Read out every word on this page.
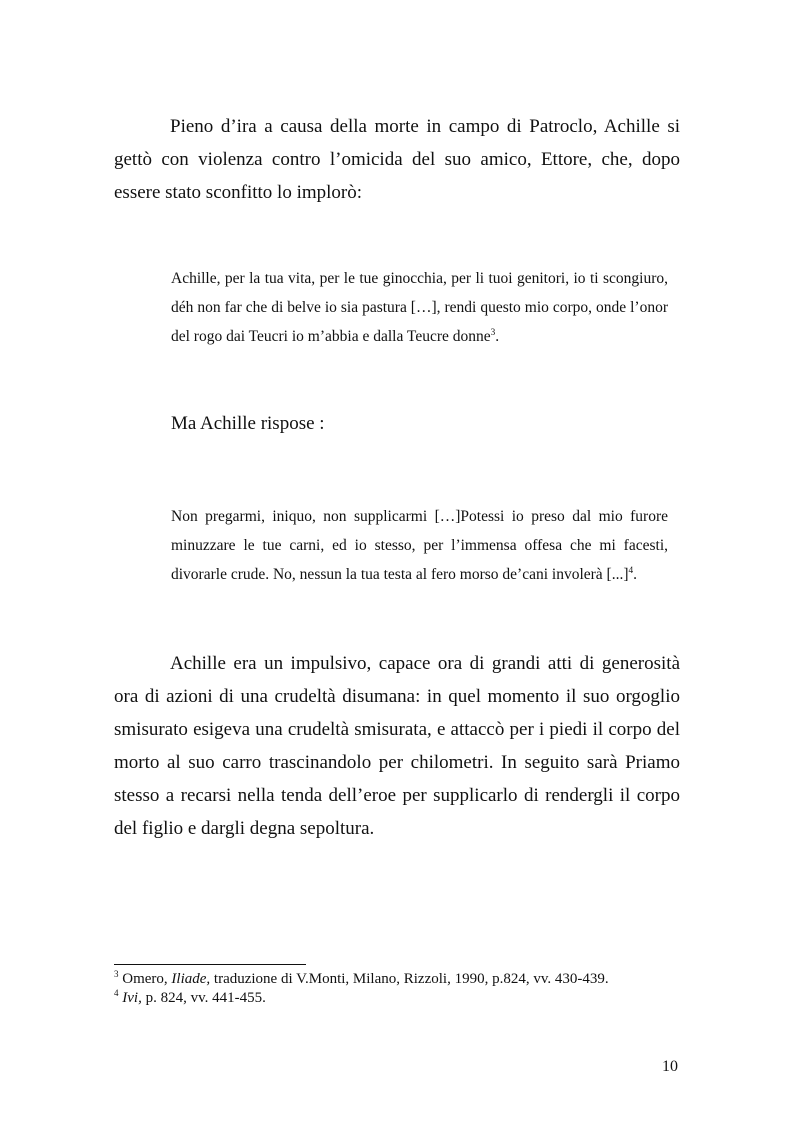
Pieno d’ira a causa della morte in campo di Patroclo, Achille si gettò con violenza contro l’omicida del suo amico, Ettore, che, dopo essere stato sconfitto lo implorò:

Achille, per la tua vita, per le tue ginocchia, per li tuoi genitori, io ti scongiuro, déh non far che di belve io sia pastura […], rendi questo mio corpo, onde l’onor del rogo dai Teucri io m’abbia e dalla Teucre donne$^3$.

Ma Achille rispose :

Non pregarmi, iniquo, non supplicarmi […]Potessi io preso dal mio furore minuzzare le tue carni, ed io stesso, per l’immensa offesa che mi facesti, divorarle crude. No, nessun la tua testa al fero morso de’cani involerà [...]$^4$.

Achille era un impulsivo, capace ora di grandi atti di generosità ora di azioni di una crudeltà disumana: in quel momento il suo orgoglio smisurato esigeva una crudeltà smisurata, e attaccò per i piedi il corpo del morto al suo carro trascinandolo per chilometri. In seguito sarà Priamo stesso a recarsi nella tenda dell’eroe per supplicarlo di rendergli il corpo del figlio e dargli degna sepoltura.

$^3$ Omero, Iliade, traduzione di V.Monti, Milano, Rizzoli, 1990, p.824, vv. 430-439.

$^4$ Ivi, p. 824, vv. 441-455.

10
